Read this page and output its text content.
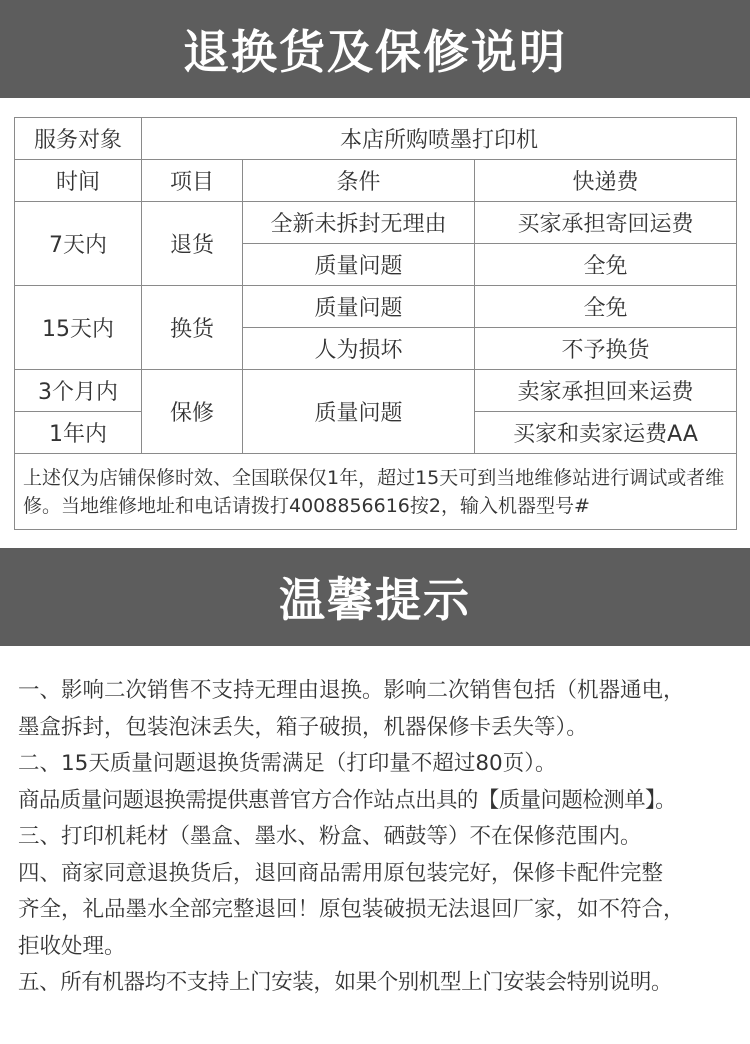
退换货及保修说明
服务对象	本店所购喷墨打印机		
时间	项目	条件	快递费
7天内	退货	全新未拆封无理由	买家承担寄回运费
		质量问题	全免
15天内	换货	质量问题	全免
		人为损坏	不予换货
3个月内	保修	质量问题	卖家承担回来运费
1年内			买家和卖家运费AA
上述仅为店铺保修时效、全国联保仅1年，超过15天可到当地维修站进行调试或者维修。当地维修地址和电话请拨打4008856616按2，输入机器型号#			
温馨提示

一、影响二次销售不支持无理由退换。影响二次销售包括（机器通电，

墨盒拆封，包装泡沫丢失，箱子破损，机器保修卡丢失等）。

二、15天质量问题退换货需满足（打印量不超过80页）。

商品质量问题退换需提供惠普官方合作站点出具的【质量问题检测单】。

三、打印机耗材（墨盒、墨水、粉盒、硒鼓等）不在保修范围内。

四、商家同意退换货后，退回商品需用原包装完好，保修卡配件完整

齐全，礼品墨水全部完整退回！原包装破损无法退回厂家，如不符合，

拒收处理。

五、所有机器均不支持上门安装，如果个别机型上门安装会特别说明。
